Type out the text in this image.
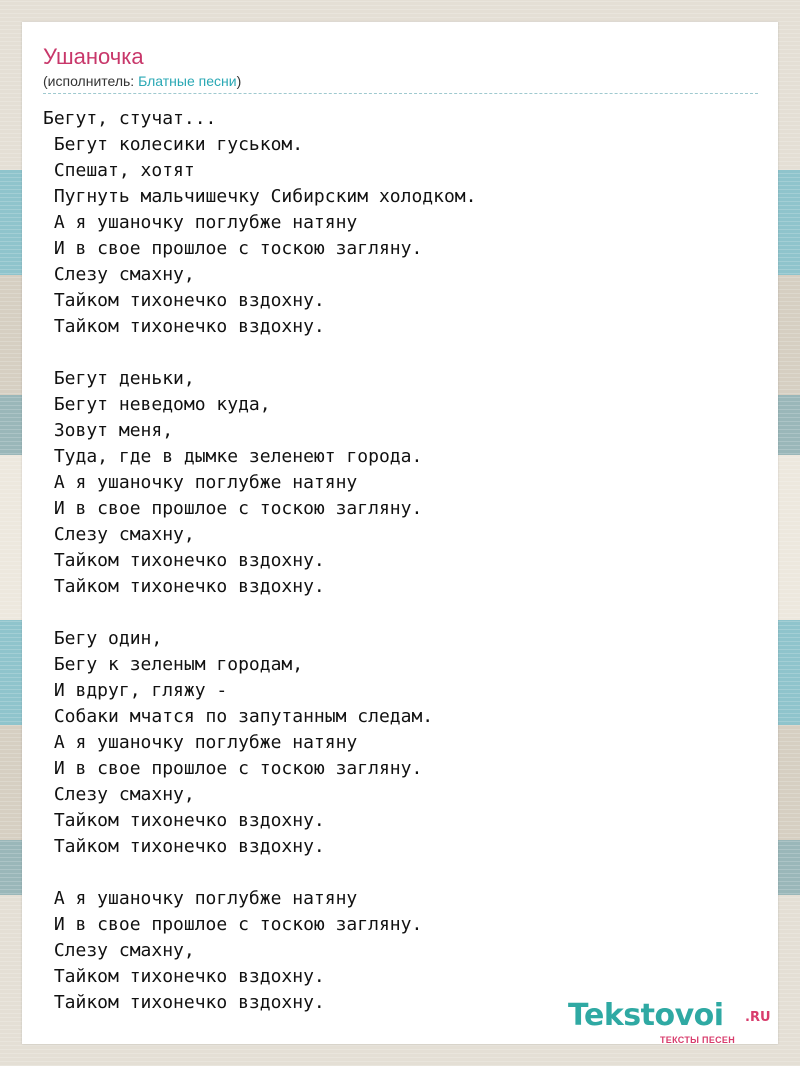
Ушаночка
(исполнитель: Блатные песни)
Бегут, стучат...
Бегут колесики гуськом.
Спешат, хотят
Пугнуть мальчишечку Сибирским холодком.
А я ушаночку поглубже натяну
И в свое прошлое с тоскою загляну.
Слезу смахну,
Тайком тихонечко вздохну.
Тайком тихонечко вздохну.

Бегут деньки,
Бегут неведомо куда,
Зовут меня,
Туда, где в дымке зеленеют города.
А я ушаночку поглубже натяну
И в свое прошлое с тоскою загляну.
Слезу смахну,
Тайком тихонечко вздохну.
Тайком тихонечко вздохну.

Бегу один,
Бегу к зеленым городам,
И вдруг, гляжу -
Собаки мчатся по запутанным следам.
А я ушаночку поглубже натяну
И в свое прошлое с тоскою загляну.
Слезу смахну,
Тайком тихонечко вздохну.
Тайком тихонечко вздохну.

А я ушаночку поглубже натяну
И в свое прошлое с тоскою загляну.
Слезу смахну,
Тайком тихонечко вздохну.
Тайком тихонечко вздохну.	Tekstovoi .RU
ТЕКСТЫ ПЕСЕН
